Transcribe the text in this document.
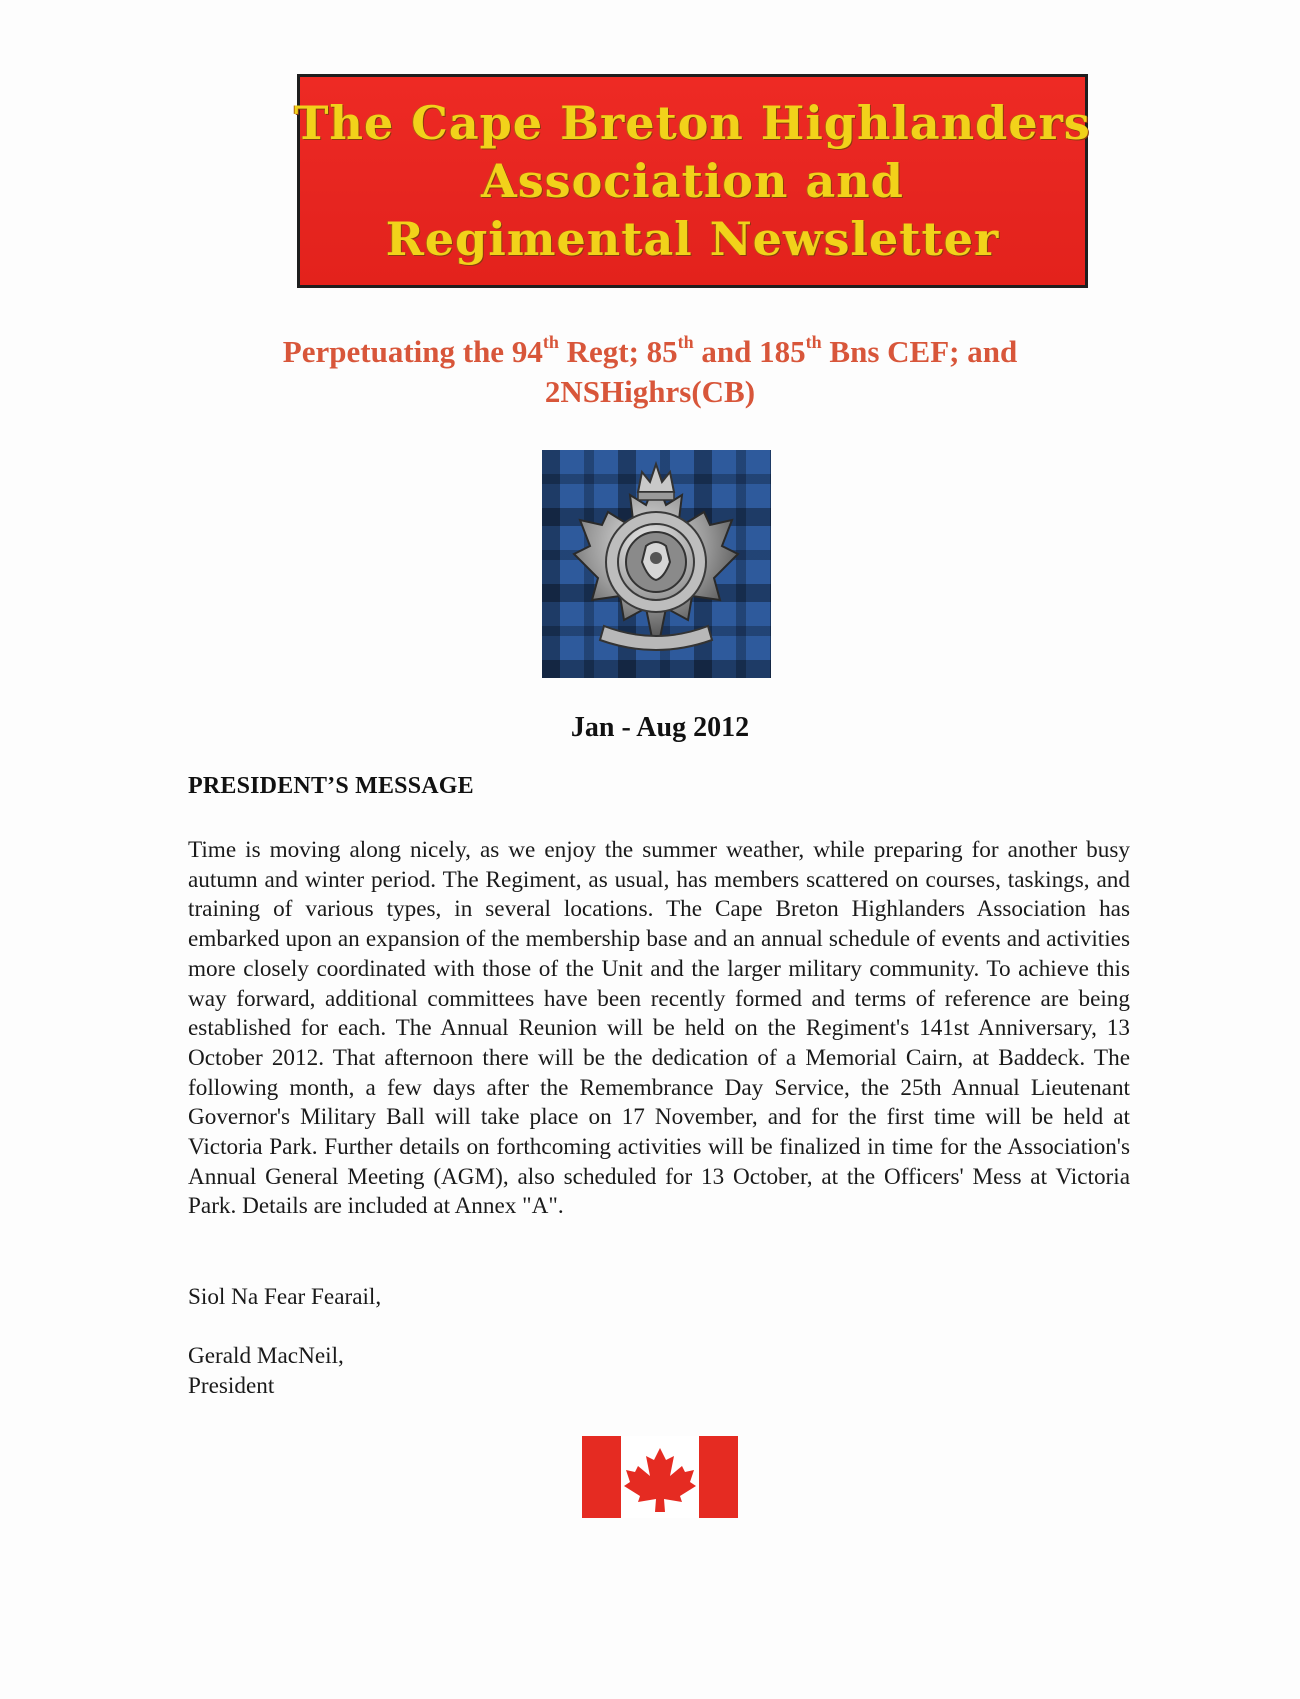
The Cape Breton Highlanders
Association and
Regimental Newsletter
Perpetuating the 94th Regt; 85th and 185th Bns CEF; and
2NSHighrs(CB)
Jan - Aug 2012
PRESIDENT’S MESSAGE
Time is moving along nicely, as we enjoy the summer weather, while preparing for another busy autumn and winter period. The Regiment, as usual, has members scattered on courses, taskings, and training of various types, in several locations. The Cape Breton Highlanders Association has embarked upon an expansion of the membership base and an annual schedule of events and activities more closely coordinated with those of the Unit and the larger military community. To achieve this way forward, additional committees have been recently formed and terms of reference are being established for each. The Annual Reunion will be held on the Regiment's 141st Anniversary, 13 October 2012. That afternoon there will be the dedication of a Memorial Cairn, at Baddeck. The following month, a few days after the Remembrance Day Service, the 25th Annual Lieutenant Governor's Military Ball will take place on 17 November, and for the first time will be held at Victoria Park. Further details on forthcoming activities will be finalized in time for the Association's Annual General Meeting (AGM), also scheduled for 13 October, at the Officers' Mess at Victoria Park. Details are included at Annex "A".
Siol Na Fear Fearail,
Gerald MacNeil,
President
